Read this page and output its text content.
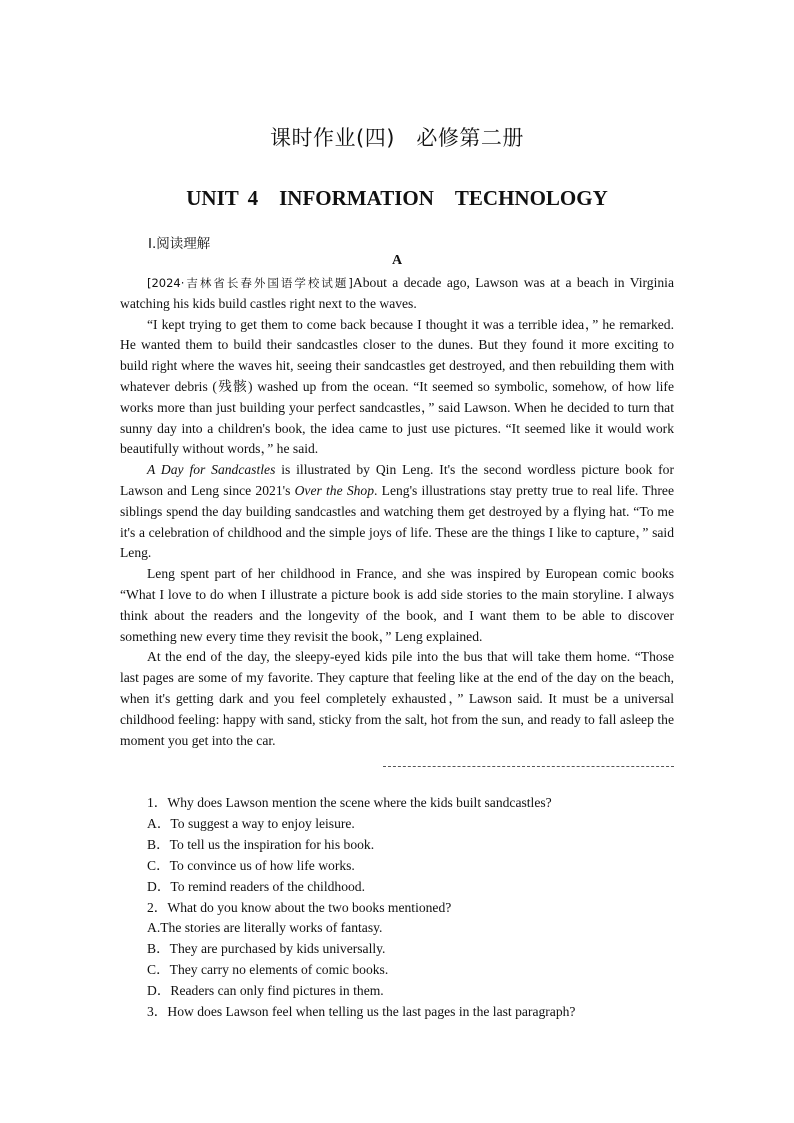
课时作业(四)　必修第二册
UNIT 4　INFORMATION　TECHNOLOGY
Ⅰ.阅读理解
A

[2024·吉林省长春外国语学校试题]About a decade ago, Lawson was at a beach in Virginia watching his kids build castles right next to the waves.

“I kept trying to get them to come back because I thought it was a terrible idea，” he remarked. He wanted them to build their sandcastles closer to the dunes. But they found it more exciting to build right where the waves hit, seeing their sandcastles get destroyed, and then rebuilding them with whatever debris (残骸) washed up from the ocean. “It seemed so symbolic, somehow, of how life works more than just building your perfect sandcastles，” said Lawson. When he decided to turn that sunny day into a children's book, the idea came to just use pictures. “It seemed like it would work beautifully without words，” he said.

A Day for Sandcastles is illustrated by Qin Leng. It's the second wordless picture book for Lawson and Leng since 2021's Over the Shop. Leng's illustrations stay pretty true to real life. Three siblings spend the day building sandcastles and watching them get destroyed by a flying hat. “To me it's a celebration of childhood and the simple joys of life. These are the things I like to capture，” said Leng.

Leng spent part of her childhood in France, and she was inspired by European comic books “What I love to do when I illustrate a picture book is add side stories to the main storyline. I always think about the readers and the longevity of the book, and I want them to be able to discover something new every time they revisit the book，” Leng explained.

At the end of the day, the sleepy-eyed kids pile into the bus that will take them home. “Those last pages are some of my favorite. They capture that feeling like at the end of the day on the beach, when it's getting dark and you feel completely exhausted，” Lawson said. It must be a universal childhood feeling: happy with sand, sticky from the salt, hot from the sun, and ready to fall asleep the moment you get into the car.

1．Why does Lawson mention the scene where the kids built sandcastles?
A．To suggest a way to enjoy leisure.
B．To tell us the inspiration for his book.
C．To convince us of how life works.
D．To remind readers of the childhood.
2．What do you know about the two books mentioned?
A.The stories are literally works of fantasy.
B．They are purchased by kids universally.
C．They carry no elements of comic books.
D．Readers can only find pictures in them.
3．How does Lawson feel when telling us the last pages in the last paragraph?
